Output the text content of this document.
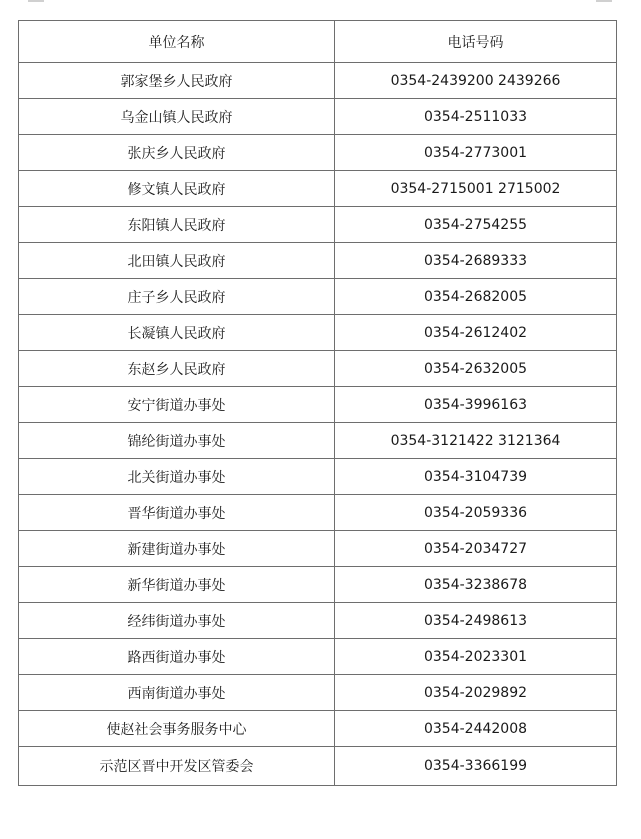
单位名称	电话号码
郭家堡乡人民政府	0354-2439200 2439266
乌金山镇人民政府	0354-2511033
张庆乡人民政府	0354-2773001
修文镇人民政府	0354-2715001 2715002
东阳镇人民政府	0354-2754255
北田镇人民政府	0354-2689333
庄子乡人民政府	0354-2682005
长凝镇人民政府	0354-2612402
东赵乡人民政府	0354-2632005
安宁街道办事处	0354-3996163
锦纶街道办事处	0354-3121422 3121364
北关街道办事处	0354-3104739
晋华街道办事处	0354-2059336
新建街道办事处	0354-2034727
新华街道办事处	0354-3238678
经纬街道办事处	0354-2498613
路西街道办事处	0354-2023301
西南街道办事处	0354-2029892
使赵社会事务服务中心	0354-2442008
示范区晋中开发区管委会	0354-3366199
